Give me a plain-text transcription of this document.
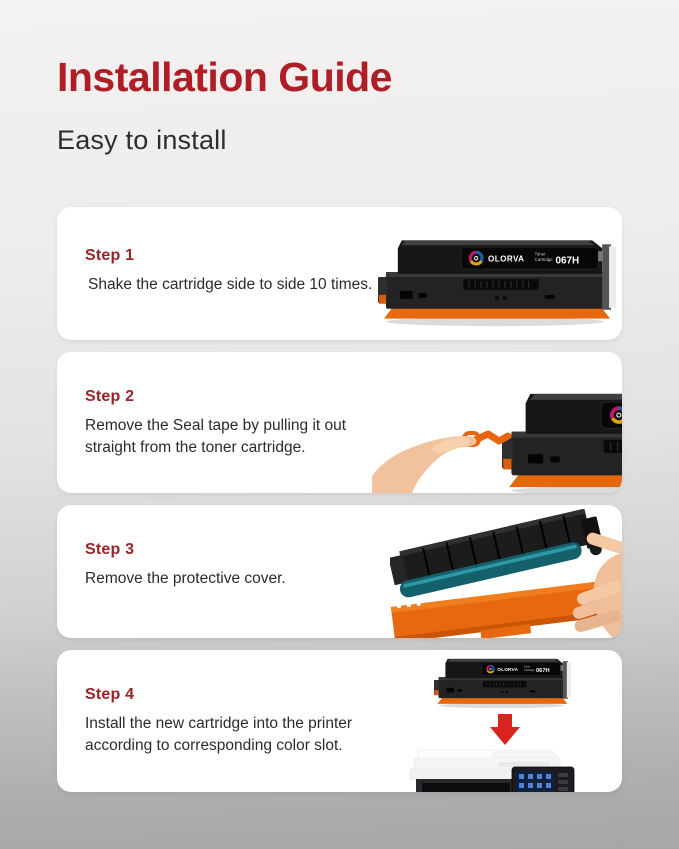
Installation Guide
Easy to install
Step 1
Shake the cartridge side to side 10 times.
Step 2
Remove the Seal tape by pulling it out straight from the toner cartridge.
Step 3
Remove the protective cover.
Step 4
Install the new cartridge into the printer according to corresponding color slot.
